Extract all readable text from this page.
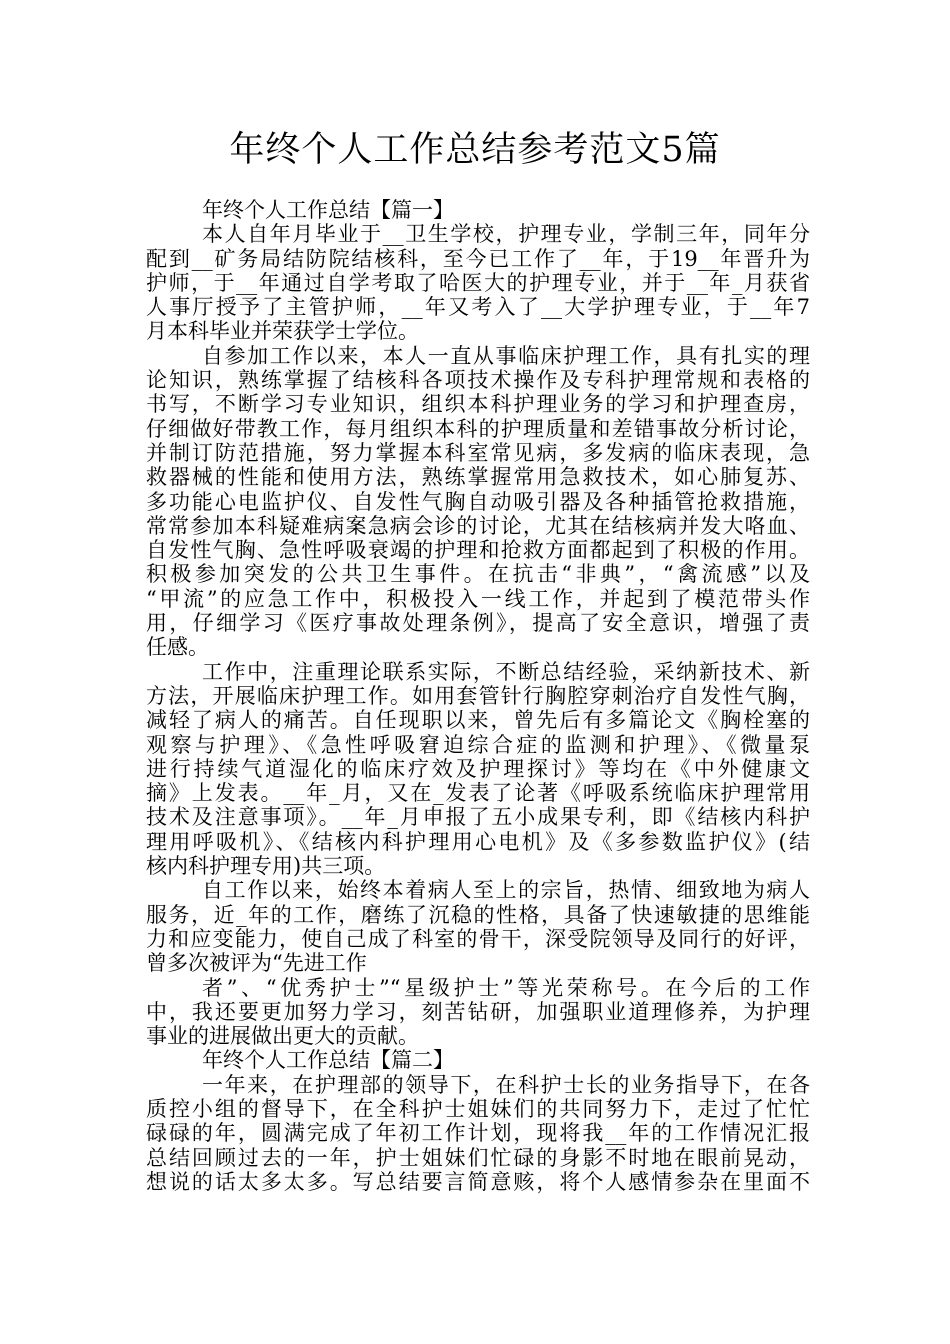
年终个人工作总结参考范文5篇
年终个人工作总结【篇一】
本人自年月毕业于__卫生学校，护理专业，学制三年，同年分
配到__矿务局结防院结核科，至今已工作了__年，于19__年晋升为
护师，于__年通过自学考取了哈医大的护理专业，并于__年_月获省
人事厅授予了主管护师，__年又考入了__大学护理专业，于__年7
月本科毕业并荣获学士学位。
自参加工作以来，本人一直从事临床护理工作，具有扎实的理
论知识，熟练掌握了结核科各项技术操作及专科护理常规和表格的
书写，不断学习专业知识，组织本科护理业务的学习和护理查房，
仔细做好带教工作，每月组织本科的护理质量和差错事故分析讨论，
并制订防范措施，努力掌握本科室常见病，多发病的临床表现，急
救器械的性能和使用方法，熟练掌握常用急救技术，如心肺复苏、
多功能心电监护仪、自发性气胸自动吸引器及各种插管抢救措施，
常常参加本科疑难病案急病会诊的讨论，尤其在结核病并发大咯血、
自发性气胸、急性呼吸衰竭的护理和抢救方面都起到了积极的作用。
积极参加突发的公共卫生事件。在抗击“非典”，“禽流感”以及
“甲流”的应急工作中，积极投入一线工作，并起到了模范带头作
用，仔细学习《医疗事故处理条例》，提高了安全意识，增强了责
任感。
工作中，注重理论联系实际，不断总结经验，采纳新技术、新
方法，开展临床护理工作。如用套管针行胸腔穿刺治疗自发性气胸，
减轻了病人的痛苦。自任现职以来，曾先后有多篇论文《胸栓塞的
观察与护理》、《急性呼吸窘迫综合症的监测和护理》、《微量泵
进行持续气道湿化的临床疗效及护理探讨》等均在《中外健康文
摘》上发表。__年_月，又在_发表了论著《呼吸系统临床护理常用
技术及注意事项》。__年_月申报了五小成果专利，即《结核内科护
理用呼吸机》、《结核内科护理用心电机》及《多参数监护仪》(结
核内科护理专用)共三项。
自工作以来，始终本着病人至上的宗旨，热情、细致地为病人
服务，近_年的工作，磨练了沉稳的性格，具备了快速敏捷的思维能
力和应变能力，使自己成了科室的骨干，深受院领导及同行的好评，
曾多次被评为“先进工作
者”、“优秀护士”“星级护士”等光荣称号。在今后的工作
中，我还要更加努力学习，刻苦钻研，加强职业道理修养，为护理
事业的进展做出更大的贡献。
年终个人工作总结【篇二】
一年来，在护理部的领导下，在科护士长的业务指导下，在各
质控小组的督导下，在全科护士姐妹们的共同努力下，走过了忙忙
碌碌的年，圆满完成了年初工作计划，现将我__年的工作情况汇报
总结回顾过去的一年，护士姐妹们忙碌的身影不时地在眼前晃动，
想说的话太多太多。写总结要言简意赅，将个人感情参杂在里面不
